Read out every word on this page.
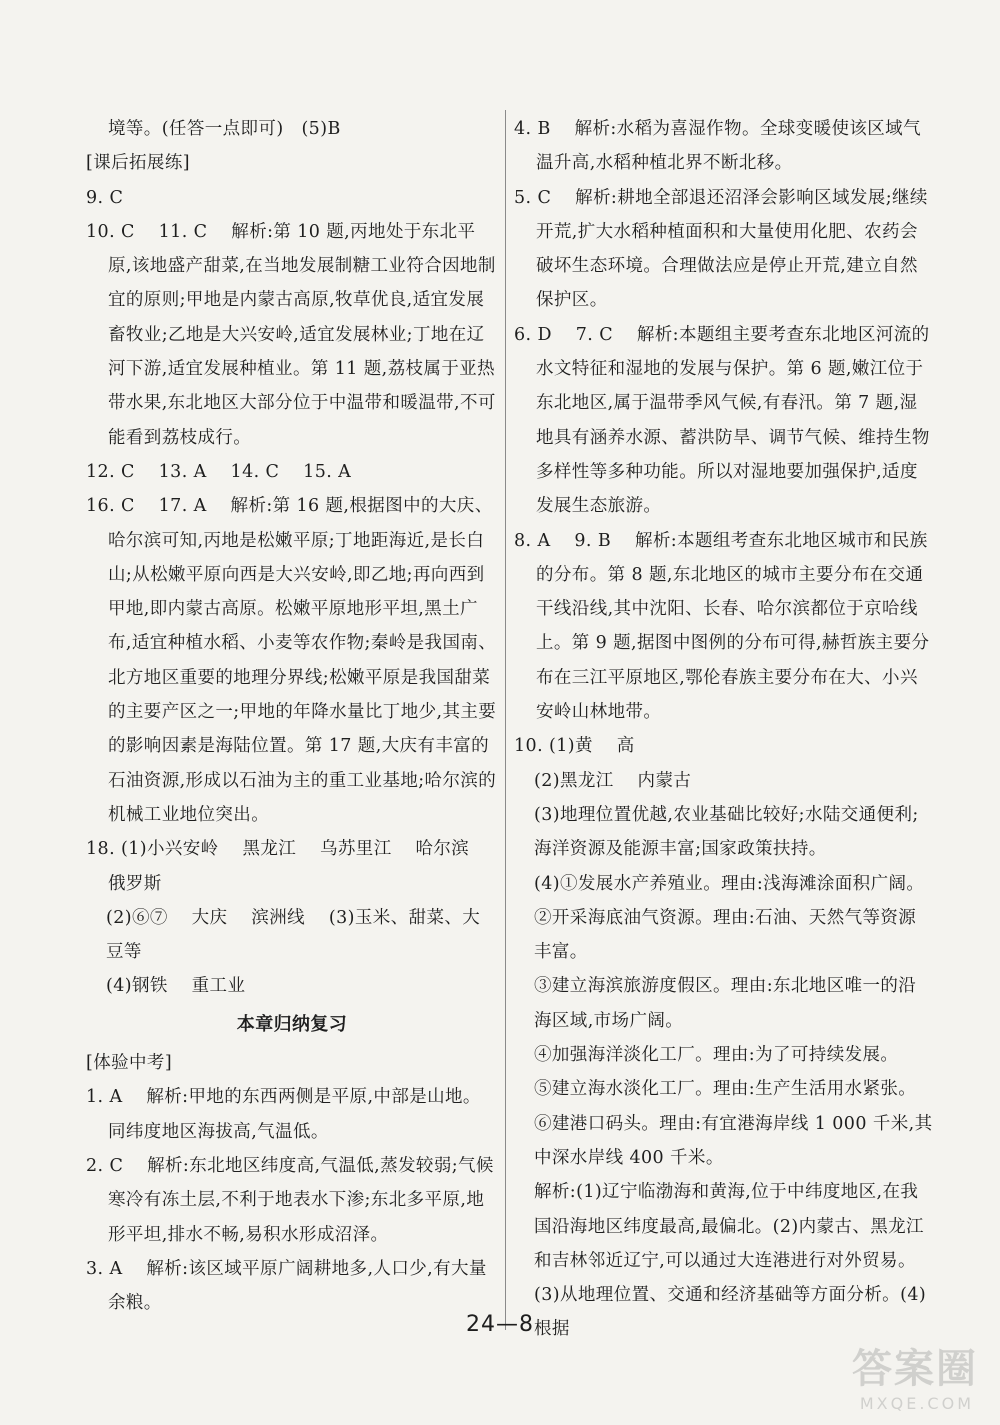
境等。(任答一点即可)　(5)B

[课后拓展练]

9. C

10. C　 11. C　 解析:第 10 题,丙地处于东北平原,该地盛产甜菜,在当地发展制糖工业符合因地制宜的原则;甲地是内蒙古高原,牧草优良,适宜发展畜牧业;乙地是大兴安岭,适宜发展林业;丁地在辽河下游,适宜发展种植业。第 11 题,荔枝属于亚热带水果,东北地区大部分位于中温带和暖温带,不可能看到荔枝成行。

12. C　 13. A　 14. C　 15. A

16. C　 17. A　 解析:第 16 题,根据图中的大庆、哈尔滨可知,丙地是松嫩平原;丁地距海近,是长白山;从松嫩平原向西是大兴安岭,即乙地;再向西到甲地,即内蒙古高原。松嫩平原地形平坦,黑土广布,适宜种植水稻、小麦等农作物;秦岭是我国南、北方地区重要的地理分界线;松嫩平原是我国甜菜的主要产区之一;甲地的年降水量比丁地少,其主要的影响因素是海陆位置。第 17 题,大庆有丰富的石油资源,形成以石油为主的重工业基地;哈尔滨的机械工业地位突出。

18. (1)小兴安岭　 黑龙江　 乌苏里江　 哈尔滨　 俄罗斯

(2)⑥⑦　 大庆　 滨洲线　 (3)玉米、甜菜、大豆等

(4)钢铁　 重工业

本章归纳复习

[体验中考]

1. A　 解析:甲地的东西两侧是平原,中部是山地。同纬度地区海拔高,气温低。

2. C　 解析:东北地区纬度高,气温低,蒸发较弱;气候寒冷有冻土层,不利于地表水下渗;东北多平原,地形平坦,排水不畅,易积水形成沼泽。

3. A　 解析:该区域平原广阔耕地多,人口少,有大量余粮。

4. B　 解析:水稻为喜湿作物。全球变暖使该区域气温升高,水稻种植北界不断北移。

5. C　 解析:耕地全部退还沼泽会影响区域发展;继续开荒,扩大水稻种植面积和大量使用化肥、农药会破坏生态环境。合理做法应是停止开荒,建立自然保护区。

6. D　 7. C　 解析:本题组主要考查东北地区河流的水文特征和湿地的发展与保护。第 6 题,嫩江位于东北地区,属于温带季风气候,有春汛。第 7 题,湿地具有涵养水源、蓄洪防旱、调节气候、维持生物多样性等多种功能。所以对湿地要加强保护,适度发展生态旅游。

8. A　 9. B　 解析:本题组考查东北地区城市和民族的分布。第 8 题,东北地区的城市主要分布在交通干线沿线,其中沈阳、长春、哈尔滨都位于京哈线上。第 9 题,据图中图例的分布可得,赫哲族主要分布在三江平原地区,鄂伦春族主要分布在大、小兴安岭山林地带。

10. (1)黄　 高

(2)黑龙江　 内蒙古

(3)地理位置优越,农业基础比较好;水陆交通便利;海洋资源及能源丰富;国家政策扶持。

(4)①发展水产养殖业。理由:浅海滩涂面积广阔。

②开采海底油气资源。理由:石油、天然气等资源丰富。

③建立海滨旅游度假区。理由:东北地区唯一的沿海区域,市场广阔。

④加强海洋淡化工厂。理由:为了可持续发展。

⑤建立海水淡化工厂。理由:生产生活用水紧张。

⑥建港口码头。理由:有宜港海岸线 1 000 千米,其中深水岸线 400 千米。

解析:(1)辽宁临渤海和黄海,位于中纬度地区,在我国沿海地区纬度最高,最偏北。(2)内蒙古、黑龙江和吉林邻近辽宁,可以通过大连港进行对外贸易。(3)从地理位置、交通和经济基础等方面分析。(4)根据

24—8
答案圈
MXQE.COM
